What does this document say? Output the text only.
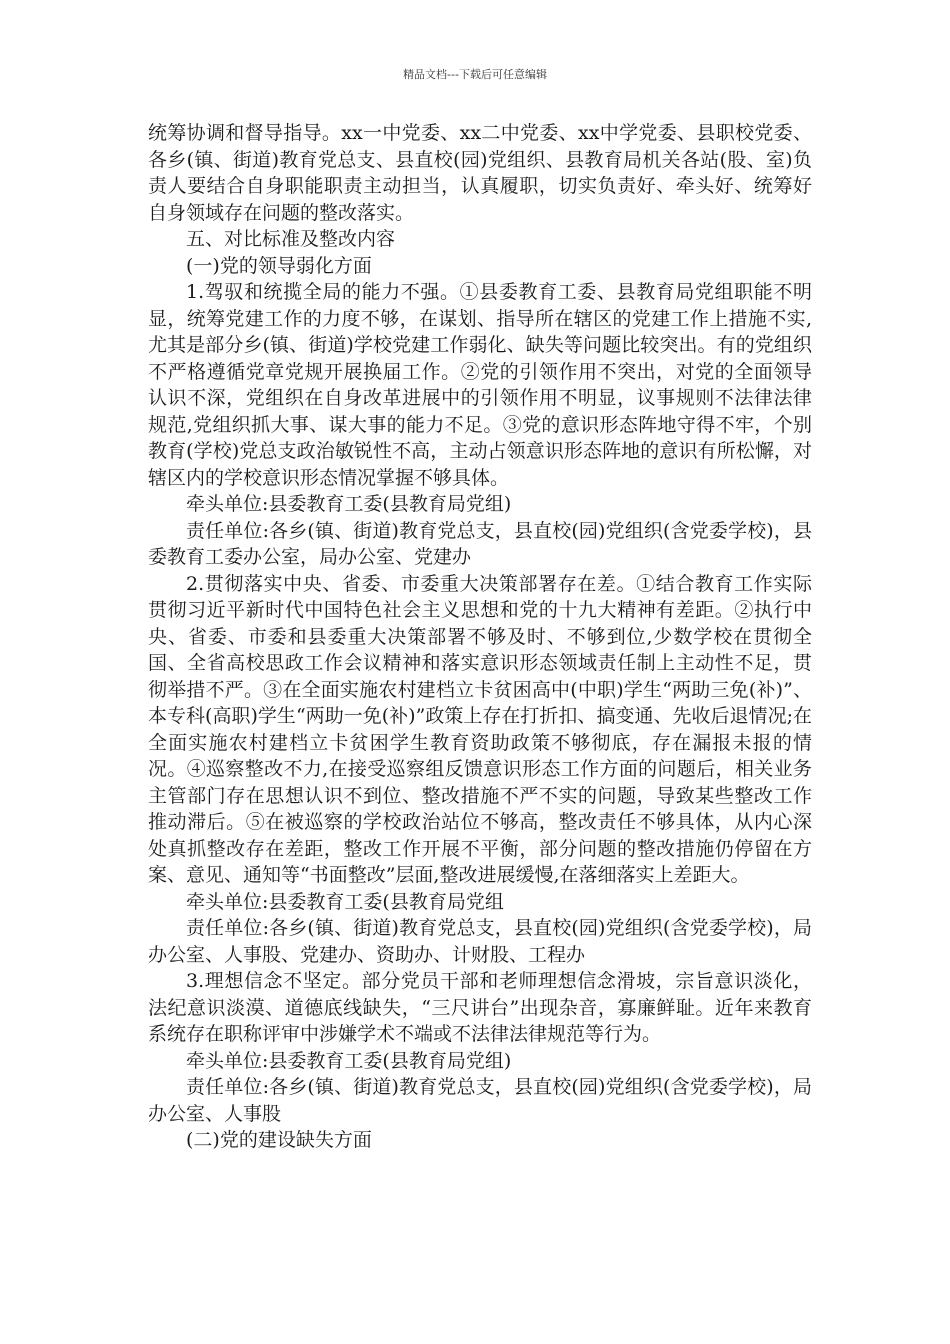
精品文档---下载后可任意编辑

统筹协调和督导指导。xx一中党委、xx二中党委、xx中学党委、县职校党委、各乡(镇、街道)教育党总支、县直校(园)党组织、县教育局机关各站(股、室)负责人要结合自身职能职责主动担当，认真履职，切实负责好、牵头好、统筹好自身领域存在问题的整改落实。

五、对比标准及整改内容

(一)党的领导弱化方面

1.驾驭和统揽全局的能力不强。①县委教育工委、县教育局党组职能不明显，统筹党建工作的力度不够，在谋划、指导所在辖区的党建工作上措施不实,尤其是部分乡(镇、街道)学校党建工作弱化、缺失等问题比较突出。有的党组织不严格遵循党章党规开展换届工作。②党的引领作用不突出，对党的全面领导认识不深，党组织在自身改革进展中的引领作用不明显，议事规则不法律法律规范,党组织抓大事、谋大事的能力不足。③党的意识形态阵地守得不牢，个别教育(学校)党总支政治敏锐性不高，主动占领意识形态阵地的意识有所松懈，对辖区内的学校意识形态情况掌握不够具体。

牵头单位:县委教育工委(县教育局党组)

责任单位:各乡(镇、街道)教育党总支，县直校(园)党组织(含党委学校)，县委教育工委办公室，局办公室、党建办

2.贯彻落实中央、省委、市委重大决策部署存在差。①结合教育工作实际贯彻习近平新时代中国特色社会主义思想和党的十九大精神有差距。②执行中央、省委、市委和县委重大决策部署不够及时、不够到位,少数学校在贯彻全国、全省高校思政工作会议精神和落实意识形态领域责任制上主动性不足，贯彻举措不严。③在全面实施农村建档立卡贫困高中(中职)学生“两助三免(补)”、本专科(高职)学生“两助一免(补)”政策上存在打折扣、搞变通、先收后退情况;在全面实施农村建档立卡贫困学生教育资助政策不够彻底，存在漏报未报的情况。④巡察整改不力,在接受巡察组反馈意识形态工作方面的问题后，相关业务主管部门存在思想认识不到位、整改措施不严不实的问题，导致某些整改工作推动滞后。⑤在被巡察的学校政治站位不够高，整改责任不够具体，从内心深处真抓整改存在差距，整改工作开展不平衡，部分问题的整改措施仍停留在方案、意见、通知等“书面整改”层面,整改进展缓慢,在落细落实上差距大。

牵头单位:县委教育工委(县教育局党组

责任单位:各乡(镇、街道)教育党总支，县直校(园)党组织(含党委学校)，局办公室、人事股、党建办、资助办、计财股、工程办

3.理想信念不坚定。部分党员干部和老师理想信念滑坡，宗旨意识淡化，法纪意识淡漠、道德底线缺失，“三尺讲台”出现杂音，寡廉鲜耻。近年来教育系统存在职称评审中涉嫌学术不端或不法律法律规范等行为。

牵头单位:县委教育工委(县教育局党组)

责任单位:各乡(镇、街道)教育党总支，县直校(园)党组织(含党委学校)，局办公室、人事股

(二)党的建设缺失方面
